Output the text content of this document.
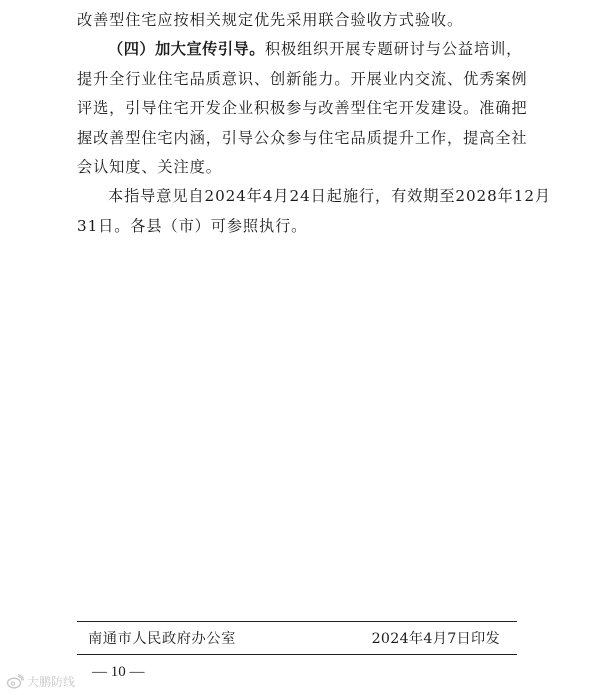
改善型住宅应按相关规定优先采用联合验收方式验收。
（四）加大宣传引导。积极组织开展专题研讨与公益培训，
提升全行业住宅品质意识、创新能力。开展业内交流、优秀案例
评选，引导住宅开发企业积极参与改善型住宅开发建设。准确把
握改善型住宅内涵，引导公众参与住宅品质提升工作，提高全社
会认知度、关注度。
本指导意见自2024年4月24日起施行，有效期至2028年12月
31日。各县（市）可参照执行。
南通市人民政府办公室	2024年4月7日印发
— 10 —
大鹏防线
